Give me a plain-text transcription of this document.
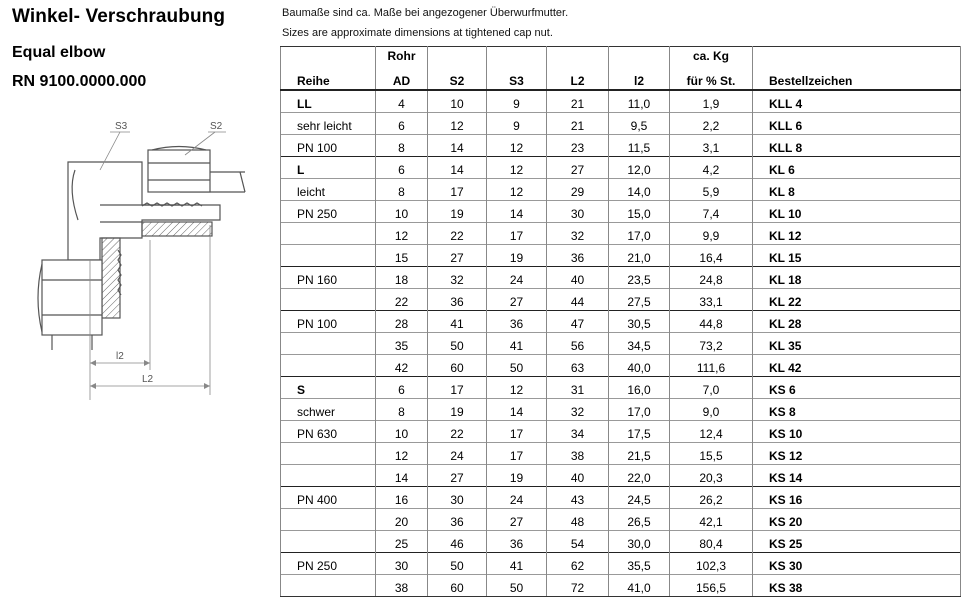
Winkel- Verschraubung
Equal elbow
RN 9100.0000.000
Baumaße sind ca. Maße bei angezogener Überwurfmutter.
Sizes are approximate dimensions at tightened cap nut.
S3	S2
l2
L2
	Rohr					ca. Kg	
Reihe	AD	S2	S3	L2	l2	für % St.	Bestellzeichen
LL	4	10	9	21	11,0	1,9	KLL 4
sehr leicht	6	12	9	21	9,5	2,2	KLL 6
PN 100	8	14	12	23	11,5	3,1	KLL 8
L	6	14	12	27	12,0	4,2	KL 6
leicht	8	17	12	29	14,0	5,9	KL 8
PN 250	10	19	14	30	15,0	7,4	KL 10
	12	22	17	32	17,0	9,9	KL 12
	15	27	19	36	21,0	16,4	KL 15
PN 160	18	32	24	40	23,5	24,8	KL 18
	22	36	27	44	27,5	33,1	KL 22
PN 100	28	41	36	47	30,5	44,8	KL 28
	35	50	41	56	34,5	73,2	KL 35
	42	60	50	63	40,0	111,6	KL 42
S	6	17	12	31	16,0	7,0	KS 6
schwer	8	19	14	32	17,0	9,0	KS 8
PN 630	10	22	17	34	17,5	12,4	KS 10
	12	24	17	38	21,5	15,5	KS 12
	14	27	19	40	22,0	20,3	KS 14
PN 400	16	30	24	43	24,5	26,2	KS 16
	20	36	27	48	26,5	42,1	KS 20
	25	46	36	54	30,0	80,4	KS 25
PN 250	30	50	41	62	35,5	102,3	KS 30
	38	60	50	72	41,0	156,5	KS 38
